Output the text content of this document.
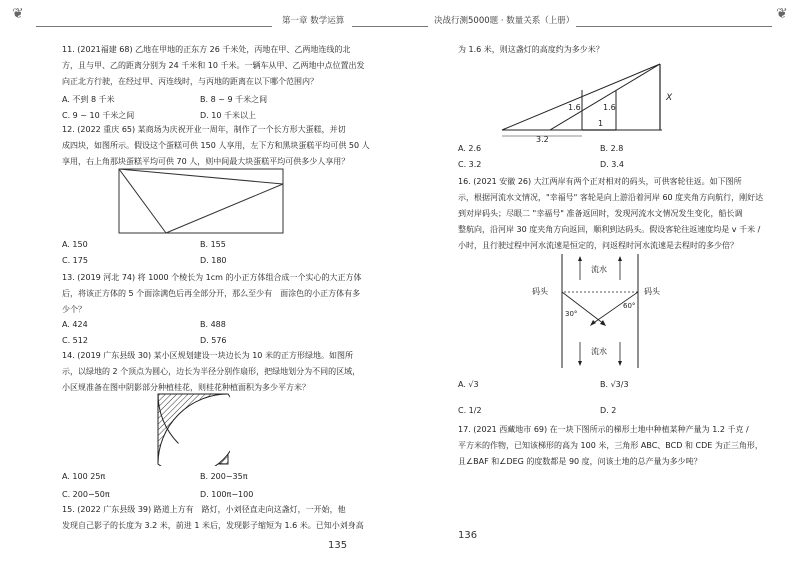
❦	第一章 数学运算
11. (2021福建 68) 乙地在甲地的正东方 26 千米处，丙地在甲、乙两地连线的北
方，且与甲、乙的距离分别为 24 千米和 10 千米。一辆车从甲、乙两地中点位置出发
向正北方行驶，在经过甲、丙连线时，与丙地的距离在以下哪个范围内？
A. 不到 8 千米	B. 8 ~ 9 千米之间
C. 9 ~ 10 千米之间	D. 10 千米以上
12. (2022 重庆 65) 某商场为庆祝开业一周年，制作了一个长方形大蛋糕，并切
成四块，如图所示。假设这个蛋糕可供 150 人享用，左下方和黑块蛋糕平均可供 50 人
享用，右上角那块蛋糕平均可供 70 人，则中间最大块蛋糕平均可供多少人享用？
A. 150	B. 155
C. 175	D. 180
13. (2019 河北 74) 将 1000 个棱长为 1cm 的小正方体组合成一个实心的大正方体
后，将该正方体的 5 个面涂满色后再全部分开，那么至少有　面涂色的小正方体有多
少个？
A. 424	B. 488
C. 512	D. 576
14. (2019 广东县级 30) 某小区规划建设一块边长为 10 米的正方形绿地。如图所
示，以绿地的 2 个顶点为圆心，边长为半径分别作扇形，把绿地划分为不同的区域，
小区规准备在图中阴影部分种植桂花，则桂花种植面积为多少平方米？
A. 100 25π	B. 200−35π
C. 200−50π	D. 100π−100
15. (2022 广东县级 39) 路道上方有　路灯，小刘径直走向这盏灯，一开始，他
发现自己影子的长度为 3.2 米，前进 1 米后，发现影子缩短为 1.6 米。已知小刘身高
135
决战行测5000题 · 数量关系（上册）	❦
为 1.6 米，则这盏灯的高度约为多少米？
X
1.6	1.6
1
3.2
A. 2.6	B. 2.8
C. 3.2	D. 3.4
16. (2021 安徽 26) 大江两岸有两个正对相对的码头，可供客轮往返。如下图所
示，根据河流水文情况，"幸福号" 客轮是向上游沿着河岸 60 度夹角方向航行，刚好达
到对岸码头；尽眼二 "幸福号" 准备返回时，发现河流水文情况发生变化，船长调
整航向，沿河岸 30 度夹角方向返回，顺利到达码头。假设客轮往返速度均是 v 千米 /
小时，且行驶过程中河水流速是恒定的，问返程时河水流速是去程时的多少倍？
流水
30°
60°
流水
码头	码头
A. √3	B. √3/3
C. 1/2	D. 2
17. (2021 西藏地市 69) 在一块下图所示的梯形土地中种植某种产量为 1.2 千克 /
平方米的作物，已知该梯形的高为 100 米，三角形 ABC、BCD 和 CDE 为正三角形，
且∠BAF 和∠DEG 的度数都是 90 度，问该土地的总产量为多少吨？
136
